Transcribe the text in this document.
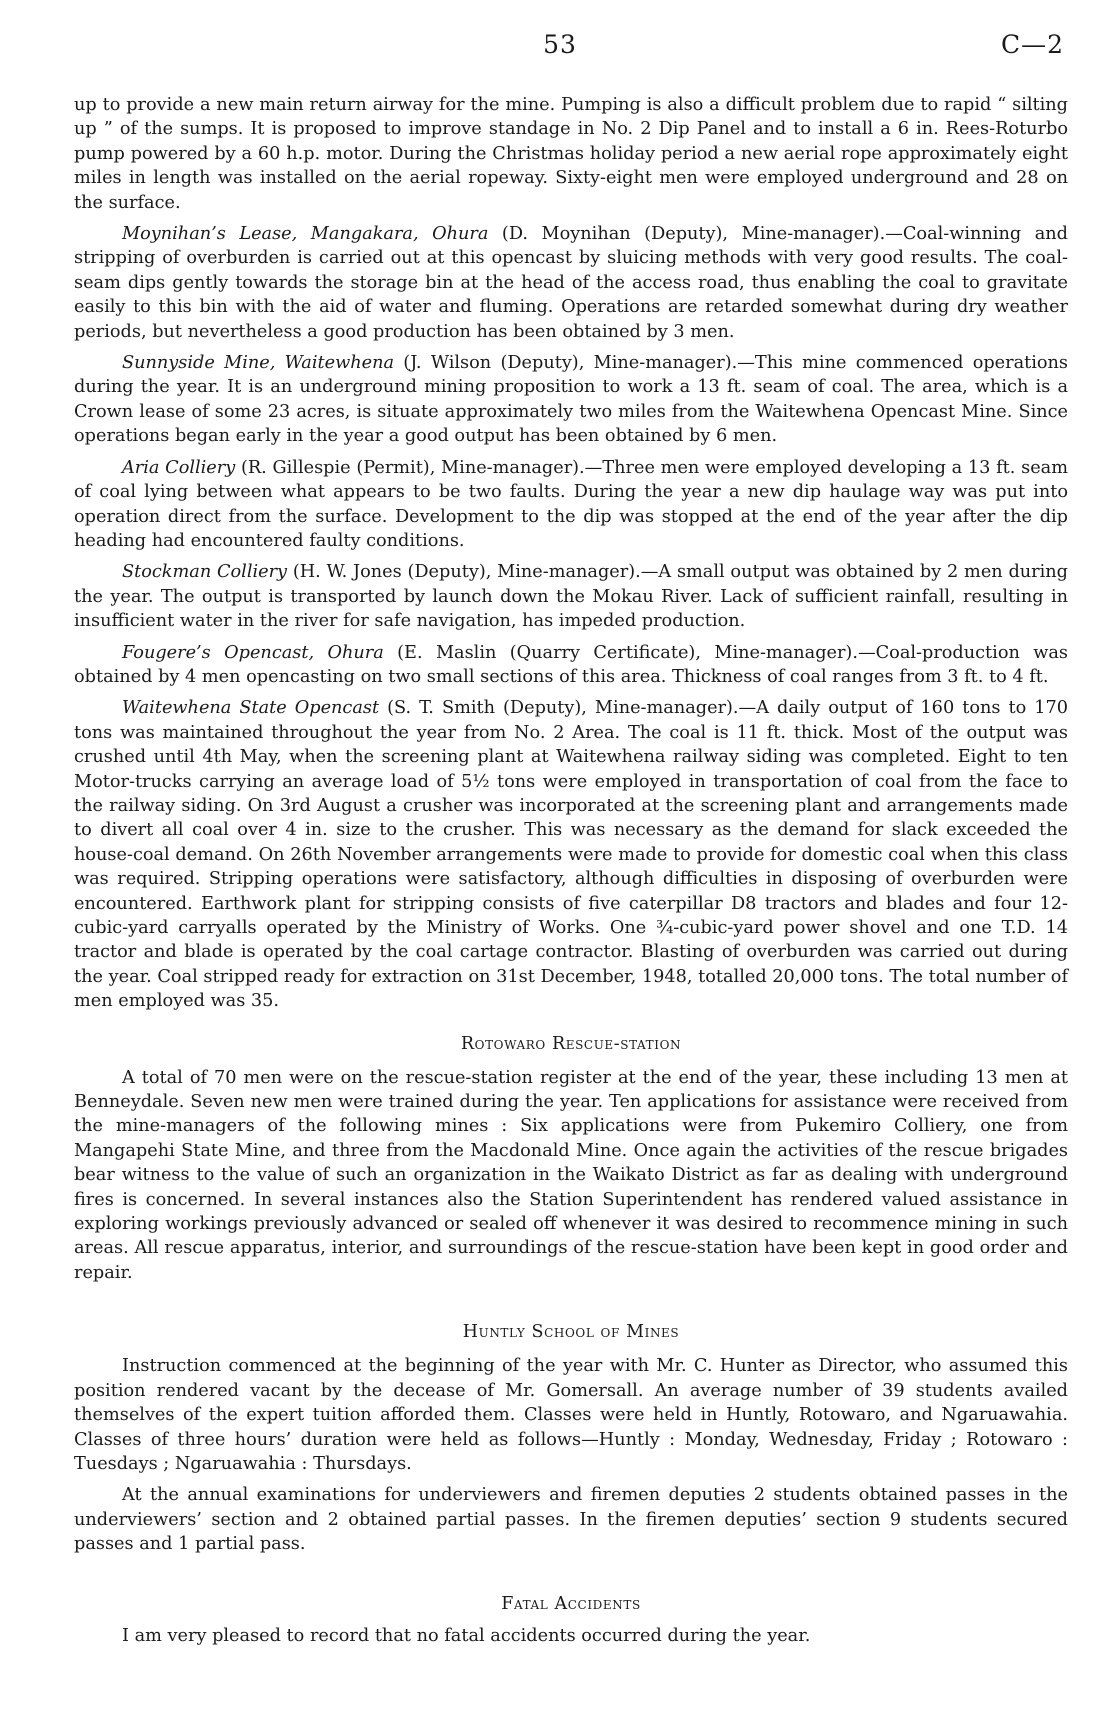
53	C—2

up to provide a new main return airway for the mine. Pumping is also a difficult problem due to rapid “ silting up ” of the sumps. It is proposed to improve standage in No. 2 Dip Panel and to install a 6 in. Rees-Roturbo pump powered by a 60 h.p. motor. During the Christmas holiday period a new aerial rope approximately eight miles in length was installed on the aerial ropeway. Sixty-eight men were employed underground and 28 on the surface.

Moynihan’s Lease, Mangakara, Ohura (D. Moynihan (Deputy), Mine-manager).—Coal-winning and stripping of overburden is carried out at this opencast by sluicing methods with very good results. The coal-seam dips gently towards the storage bin at the head of the access road, thus enabling the coal to gravitate easily to this bin with the aid of water and fluming. Operations are retarded somewhat during dry weather periods, but nevertheless a good production has been obtained by 3 men.

Sunnyside Mine, Waitewhena (J. Wilson (Deputy), Mine-manager).—This mine commenced operations during the year. It is an underground mining proposition to work a 13 ft. seam of coal. The area, which is a Crown lease of some 23 acres, is situate approximately two miles from the Waitewhena Opencast Mine. Since operations began early in the year a good output has been obtained by 6 men.

Aria Colliery (R. Gillespie (Permit), Mine-manager).—Three men were employed developing a 13 ft. seam of coal lying between what appears to be two faults. During the year a new dip haulage way was put into operation direct from the surface. Development to the dip was stopped at the end of the year after the dip heading had encountered faulty conditions.

Stockman Colliery (H. W. Jones (Deputy), Mine-manager).—A small output was obtained by 2 men during the year. The output is transported by launch down the Mokau River. Lack of sufficient rainfall, resulting in insufficient water in the river for safe navigation, has impeded production.

Fougere’s Opencast, Ohura (E. Maslin (Quarry Certificate), Mine-manager).—Coal-production was obtained by 4 men opencasting on two small sections of this area. Thickness of coal ranges from 3 ft. to 4 ft.

Waitewhena State Opencast (S. T. Smith (Deputy), Mine-manager).—A daily output of 160 tons to 170 tons was maintained throughout the year from No. 2 Area. The coal is 11 ft. thick. Most of the output was crushed until 4th May, when the screening plant at Waitewhena railway siding was completed. Eight to ten Motor-trucks carrying an average load of 5½ tons were employed in transportation of coal from the face to the railway siding. On 3rd August a crusher was incorporated at the screening plant and arrangements made to divert all coal over 4 in. size to the crusher. This was necessary as the demand for slack exceeded the house-coal demand. On 26th November arrangements were made to provide for domestic coal when this class was required. Stripping operations were satisfactory, although difficulties in disposing of overburden were encountered. Earthwork plant for stripping consists of five caterpillar D8 tractors and blades and four 12-cubic-yard carryalls operated by the Ministry of Works. One ¾-cubic-yard power shovel and one T.D. 14 tractor and blade is operated by the coal cartage contractor. Blasting of overburden was carried out during the year. Coal stripped ready for extraction on 31st December, 1948, totalled 20,000 tons. The total number of men employed was 35.

Rotowaro Rescue-station

A total of 70 men were on the rescue-station register at the end of the year, these including 13 men at Benneydale. Seven new men were trained during the year. Ten applications for assistance were received from the mine-managers of the following mines : Six applications were from Pukemiro Colliery, one from Mangapehi State Mine, and three from the Macdonald Mine. Once again the activities of the rescue brigades bear witness to the value of such an organization in the Waikato District as far as dealing with underground fires is concerned. In several instances also the Station Superintendent has rendered valued assistance in exploring workings previously advanced or sealed off whenever it was desired to recommence mining in such areas. All rescue apparatus, interior, and surroundings of the rescue-station have been kept in good order and repair.

Huntly School of Mines

Instruction commenced at the beginning of the year with Mr. C. Hunter as Director, who assumed this position rendered vacant by the decease of Mr. Gomersall. An average number of 39 students availed themselves of the expert tuition afforded them. Classes were held in Huntly, Rotowaro, and Ngaruawahia. Classes of three hours’ duration were held as follows—Huntly : Monday, Wednesday, Friday ; Rotowaro : Tuesdays ; Ngaruawahia : Thursdays.

At the annual examinations for underviewers and firemen deputies 2 students obtained passes in the underviewers’ section and 2 obtained partial passes. In the firemen deputies’ section 9 students secured passes and 1 partial pass.

Fatal Accidents

I am very pleased to record that no fatal accidents occurred during the year.
